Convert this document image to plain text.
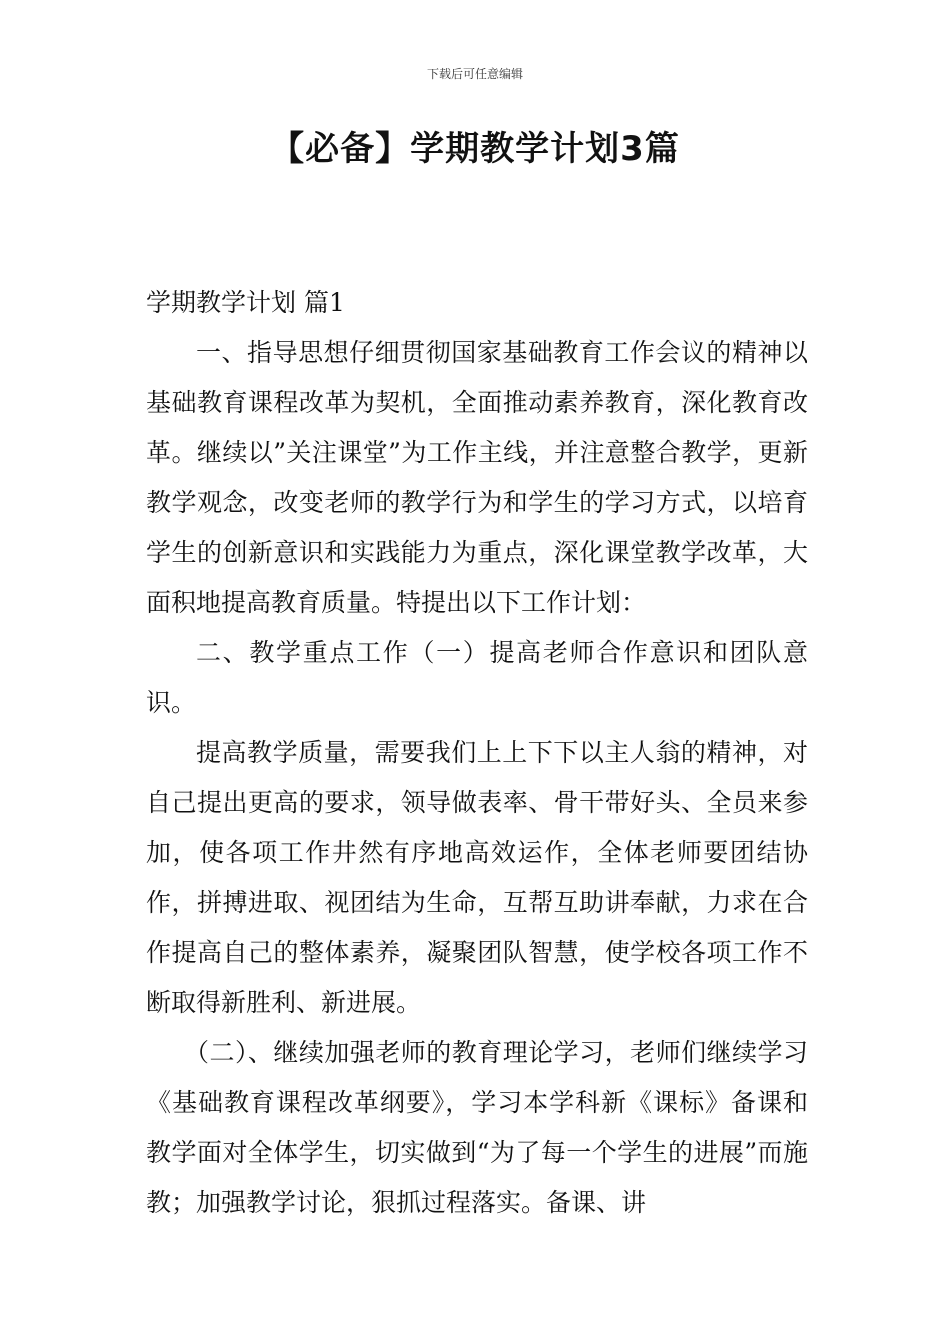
下载后可任意编辑
【必备】学期教学计划3篇

学期教学计划 篇1

一、指导思想仔细贯彻国家基础教育工作会议的精神以基础教育课程改革为契机，全面推动素养教育，深化教育改革。继续以”关注课堂”为工作主线，并注意整合教学，更新教学观念，改变老师的教学行为和学生的学习方式，以培育学生的创新意识和实践能力为重点，深化课堂教学改革，大面积地提高教育质量。特提出以下工作计划：

二、教学重点工作（一）提高老师合作意识和团队意识。

提高教学质量，需要我们上上下下以主人翁的精神，对自己提出更高的要求，领导做表率、骨干带好头、全员来参加，使各项工作井然有序地高效运作，全体老师要团结协作，拼搏进取、视团结为生命，互帮互助讲奉献，力求在合作提高自己的整体素养，凝聚团队智慧，使学校各项工作不断取得新胜利、新进展。

（二）、继续加强老师的教育理论学习，老师们继续学习《基础教育课程改革纲要》，学习本学科新《课标》备课和教学面对全体学生，切实做到“为了每一个学生的进展”而施教；加强教学讨论，狠抓过程落实。备课、讲
